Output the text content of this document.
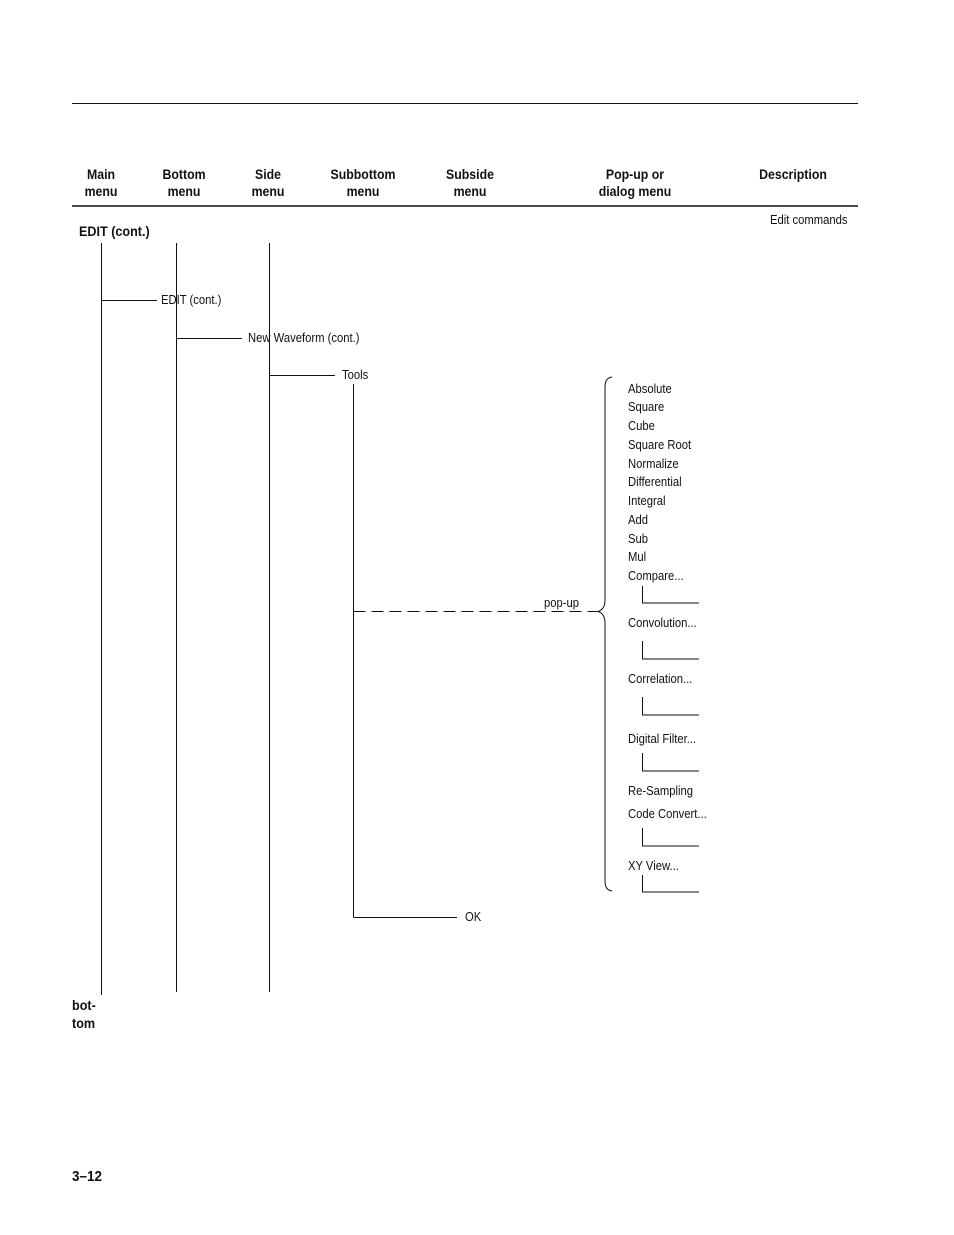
Main
menu
Bottom
menu
Side
menu
Subbottom
menu
Subside
menu
Pop-up or
dialog menu
Description
Edit commands
EDIT (cont.)
EDIT (cont.)
New Waveform (cont.)
Tools
pop-up
OK
Absolute
Square
Cube
Square Root
Normalize
Differential
Integral
Add
Sub
Mul
Compare...
Convolution...
Correlation...
Digital Filter...
Re-Sampling
Code Convert...
XY View...
bot-
tom
3–12
